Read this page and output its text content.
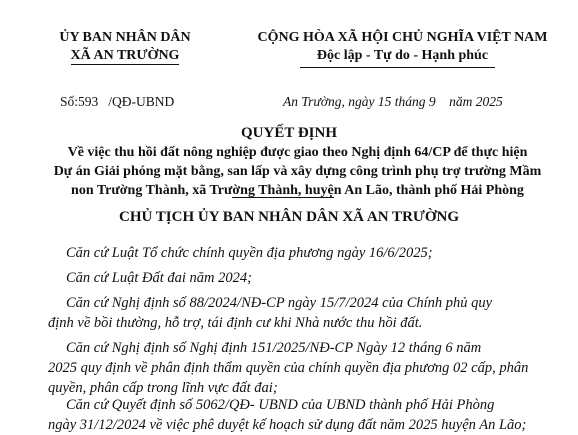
ỦY BAN NHÂN DÂN
XÃ AN TRƯỜNG
CỘNG HÒA XÃ HỘI CHỦ NGHĨA VIỆT NAM
Độc lập - Tự do - Hạnh phúc
Số:593 /QĐ-UBND	An Trường, ngày 15 tháng 9    năm 2025
QUYẾT ĐỊNH
Về việc thu hồi đất nông nghiệp được giao theo Nghị định 64/CP để thực hiện
Dự án Giải phóng mặt bằng, san lấp và xây dựng công trình phụ trợ trường Mầm
non Trường Thành, xã Trường Thành, huyện An Lão, thành phố Hải Phòng
CHỦ TỊCH ỦY BAN NHÂN DÂN XÃ AN TRƯỜNG
Căn cứ Luật Tổ chức chính quyền địa phương ngày 16/6/2025;
Căn cứ Luật Đất đai năm 2024;
Căn cứ Nghị định số 88/2024/NĐ-CP ngày 15/7/2024 của Chính phủ quy
định về bồi thường, hỗ trợ, tái định cư khi Nhà nước thu hồi đất.
Căn cứ Nghị định số Nghị định 151/2025/NĐ-CP Ngày 12 tháng 6 năm
2025 quy định về phân định thẩm quyền của chính quyền địa phương 02 cấp, phân
quyền, phân cấp trong lĩnh vực đất đai;
Căn cứ Quyết định số 5062/QĐ- UBND của UBND thành phố Hải Phòng
ngày 31/12/2024 về việc phê duyệt kế hoạch sử dụng đất năm 2025 huyện An Lão;
